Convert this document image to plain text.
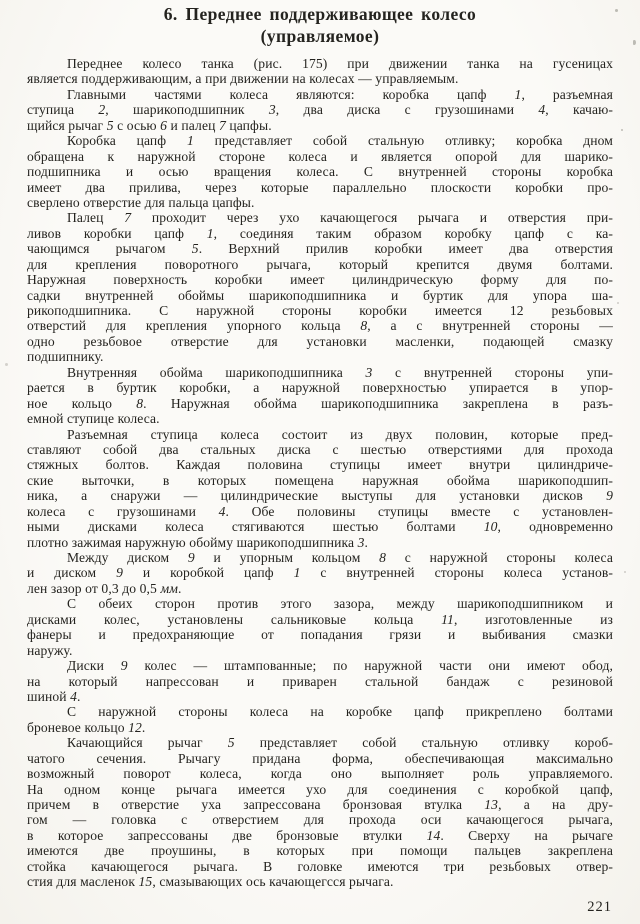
6. Переднее поддерживающее колесо
(управляемое)
Переднее колесо танка (рис. 175) при движении танка на гусеницах
является поддерживающим, а при движении на колесах — управляемым.
Главными частями колеса являются: коробка цапф 1, разъемная
ступица 2, шарикоподшипник 3, два диска с грузошинами 4, качаю-
щийся рычаг 5 с осью 6 и палец 7 цапфы.
Коробка цапф 1 представляет собой стальную отливку; коробка дном
обращена к наружной стороне колеса и является опорой для шарико-
подшипника и осью вращения колеса. С внутренней стороны коробка
имеет два прилива, через которые параллельно плоскости коробки про-
сверлено отверстие для пальца цапфы.
Палец 7 проходит через ухо качающегося рычага и отверстия при-
ливов коробки цапф 1, соединяя таким образом коробку цапф с ка-
чающимся рычагом 5. Верхний прилив коробки имеет два отверстия
для крепления поворотного рычага, который крепится двумя болтами.
Наружная поверхность коробки имеет цилиндрическую форму для по-
садки внутренней обоймы шарикоподшипника и буртик для упора ша-
рикоподшипника. С наружной стороны коробки имеется 12 резьбовых
отверстий для крепления упорного кольца 8, а с внутренней стороны —
одно резьбовое отверстие для установки масленки, подающей смазку
подшипнику.
Внутренняя обойма шарикоподшипника 3 с внутренней стороны упи-
рается в буртик коробки, а наружной поверхностью упирается в упор-
ное кольцо 8. Наружная обойма шарикоподшипника закреплена в разъ-
емной ступице колеса.
Разъемная ступица колеса состоит из двух половин, которые пред-
ставляют собой два стальных диска с шестью отверстиями для прохода
стяжных болтов. Каждая половина ступицы имеет внутри цилиндриче-
ские выточки, в которых помещена наружная обойма шарикоподшип-
ника, а снаружи — цилиндрические выступы для установки дисков 9
колеса с грузошинами 4. Обе половины ступицы вместе с установлен-
ными дисками колеса стягиваются шестью болтами 10, одновременно
плотно зажимая наружную обойму шарикоподшипника 3.
Между диском 9 и упорным кольцом 8 с наружной стороны колеса
и диском 9 и коробкой цапф 1 с внутренней стороны колеса установ-
лен зазор от 0,3 до 0,5 мм.
С обеих сторон против этого зазора, между шарикоподшипником и
дисками колес, установлены сальниковые кольца 11, изготовленные из
фанеры и предохраняющие от попадания грязи и выбивания смазки
наружу.
Диски 9 колес — штампованные; по наружной части они имеют обод,
на который напрессован и приварен стальной бандаж с резиновой
шиной 4.
С наружной стороны колеса на коробке цапф прикреплено болтами
броневое кольцо 12.
Качающийся рычаг 5 представляет собой стальную отливку короб-
чатого сечения. Рычагу придана форма, обеспечивающая максимально
возможный поворот колеса, когда оно выполняет роль управляемого.
На одном конце рычага имеется ухо для соединения с коробкой цапф,
причем в отверстие уха запрессована бронзовая втулка 13, а на дру-
гом — головка с отверстием для прохода оси качающегося рычага,
в которое запрессованы две бронзовые втулки 14. Сверху на рычаге
имеются две проушины, в которых при помощи пальцев закреплена
стойка качающегося рычага. В головке имеются три резьбовых отвер-
стия для масленок 15, смазывающих ось качающегсся рычага.
221
